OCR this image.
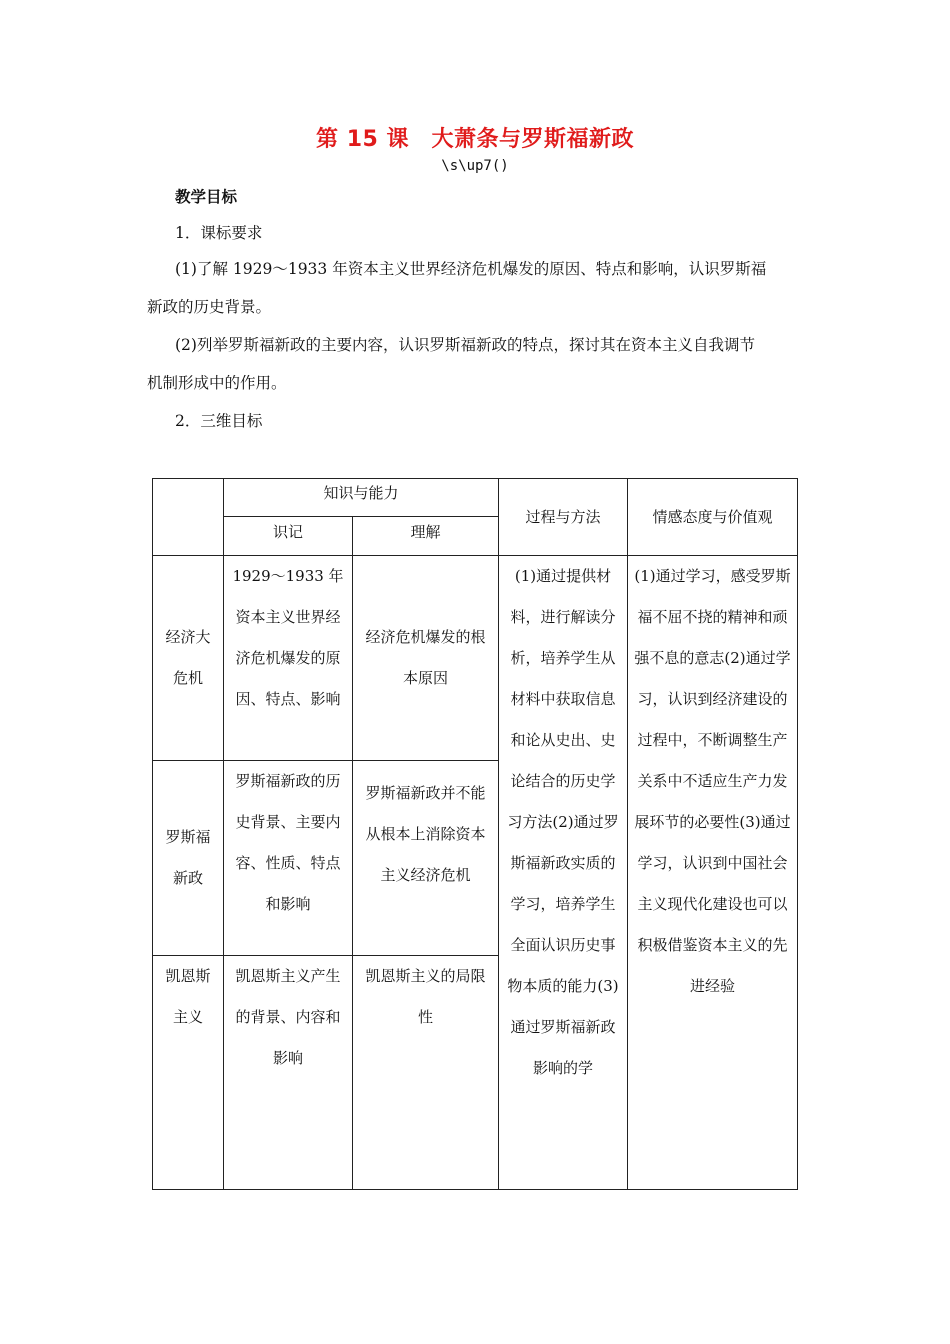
第 15 课　大萧条与罗斯福新政
\s\up7()
教学目标
1．课标要求
(1)了解 1929～1933 年资本主义世界经济危机爆发的原因、特点和影响，认识罗斯福
新政的历史背景。
(2)列举罗斯福新政的主要内容，认识罗斯福新政的特点，探讨其在资本主义自我调节
机制形成中的作用。
2．三维目标
	知识与能力		过程与方法	情感态度与价值观
	识记	理解		
经济大危机	1929～1933 年资本主义世界经济危机爆发的原因、特点、影响	经济危机爆发的根本原因	(1)通过提供材料，进行解读分析，培养学生从材料中获取信息和论从史出、史论结合的历史学习方法(2)通过罗斯福新政实质的学习，培养学生全面认识历史事物本质的能力(3)通过罗斯福新政影响的学	(1)通过学习，感受罗斯福不屈不挠的精神和顽强不息的意志(2)通过学习，认识到经济建设的过程中，不断调整生产关系中不适应生产力发展环节的必要性(3)通过学习，认识到中国社会主义现代化建设也可以积极借鉴资本主义的先进经验
罗斯福新政	罗斯福新政的历史背景、主要内容、性质、特点和影响	罗斯福新政并不能从根本上消除资本主义经济危机		
凯恩斯主义	凯恩斯主义产生的背景、内容和影响	凯恩斯主义的局限性		
